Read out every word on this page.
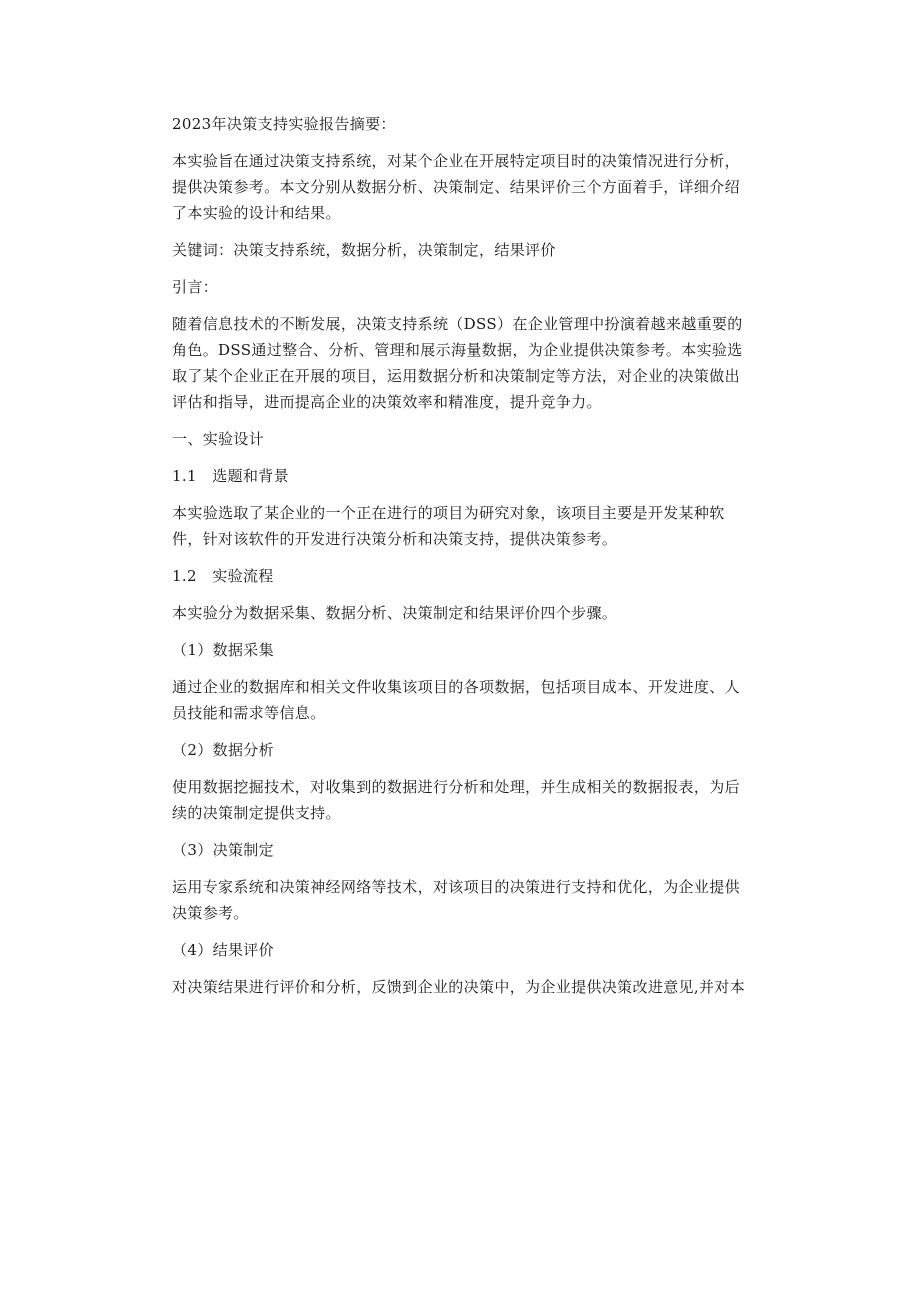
2023年决策支持实验报告摘要：

本实验旨在通过决策支持系统，对某个企业在开展特定项目时的决策情况进行分析，提供决策参考。本文分别从数据分析、决策制定、结果评价三个方面着手，详细介绍了本实验的设计和结果。

关键词：决策支持系统，数据分析，决策制定，结果评价

引言：

随着信息技术的不断发展，决策支持系统（DSS）在企业管理中扮演着越来越重要的角色。DSS通过整合、分析、管理和展示海量数据，为企业提供决策参考。本实验选取了某个企业正在开展的项目，运用数据分析和决策制定等方法，对企业的决策做出评估和指导，进而提高企业的决策效率和精准度，提升竞争力。

一、实验设计

1.1　选题和背景

本实验选取了某企业的一个正在进行的项目为研究对象，该项目主要是开发某种软件，针对该软件的开发进行决策分析和决策支持，提供决策参考。

1.2　实验流程

本实验分为数据采集、数据分析、决策制定和结果评价四个步骤。

（1）数据采集

通过企业的数据库和相关文件收集该项目的各项数据，包括项目成本、开发进度、人员技能和需求等信息。

（2）数据分析

使用数据挖掘技术，对收集到的数据进行分析和处理，并生成相关的数据报表，为后续的决策制定提供支持。

（3）决策制定

运用专家系统和决策神经网络等技术，对该项目的决策进行支持和优化，为企业提供决策参考。

（4）结果评价

对决策结果进行评价和分析，反馈到企业的决策中，为企业提供决策改进意见,并对本
